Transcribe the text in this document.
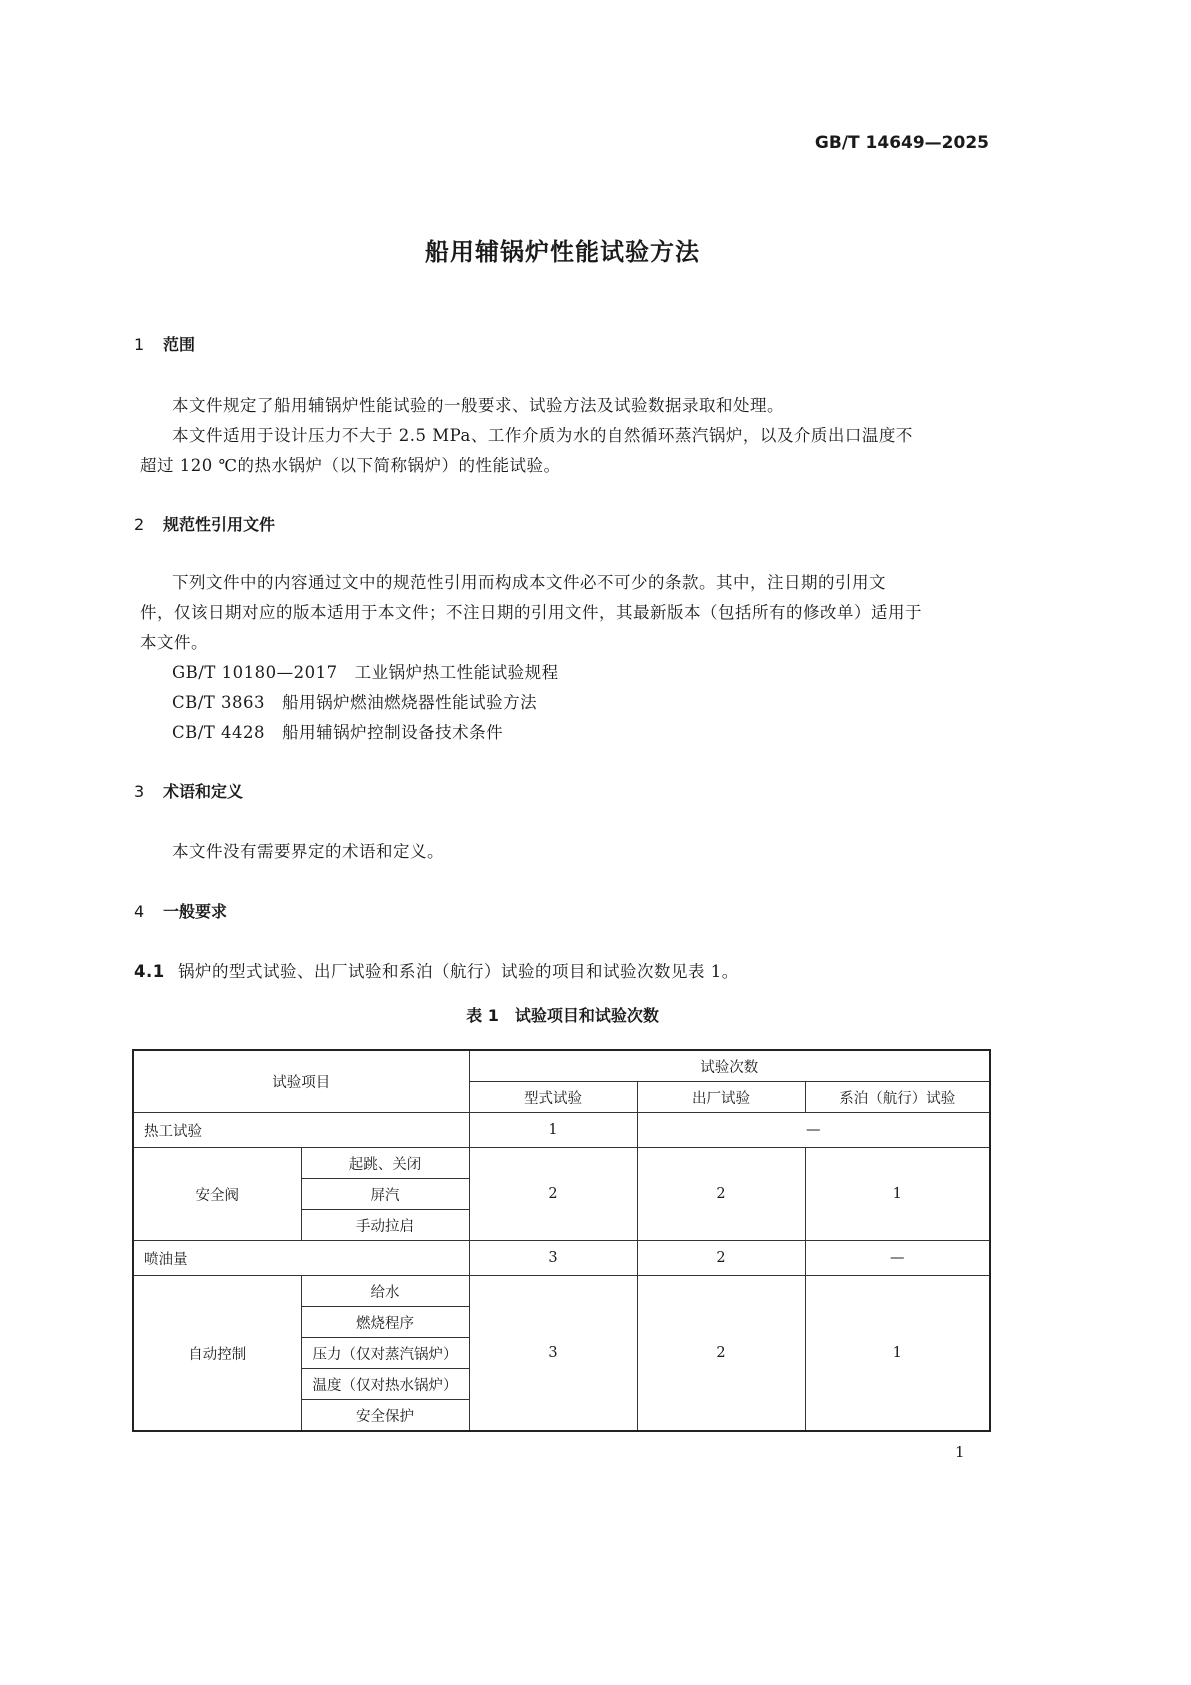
GB/T 14649—2025
船用辅锅炉性能试验方法
1 范围
本文件规定了船用辅锅炉性能试验的一般要求、试验方法及试验数据录取和处理。
本文件适用于设计压力不大于 2.5 MPa、工作介质为水的自然循环蒸汽锅炉，以及介质出口温度不
超过 120 ℃的热水锅炉（以下简称锅炉）的性能试验。
2 规范性引用文件
下列文件中的内容通过文中的规范性引用而构成本文件必不可少的条款。其中，注日期的引用文
件，仅该日期对应的版本适用于本文件；不注日期的引用文件，其最新版本（包括所有的修改单）适用于
本文件。
GB/T 10180—2017　 工业锅炉热工性能试验规程
CB/T 3863　 船用锅炉燃油燃烧器性能试验方法
CB/T 4428　 船用辅锅炉控制设备技术条件
3 术语和定义
本文件没有需要界定的术语和定义。
4 一般要求
4.1 锅炉的型式试验、出厂试验和系泊（航行）试验的项目和试验次数见表 1。
表 1　试验项目和试验次数
试验项目		试验次数		
		型式试验	出厂试验	系泊（航行）试验
热工试验		1	—	
安全阀	起跳、关闭	2	2	1
	屏汽			
	手动拉启			
喷油量		3	2	—
自动控制	给水	3	2	1
	燃烧程序			
	压力（仅对蒸汽锅炉）			
	温度（仅对热水锅炉）			
	安全保护			
1
